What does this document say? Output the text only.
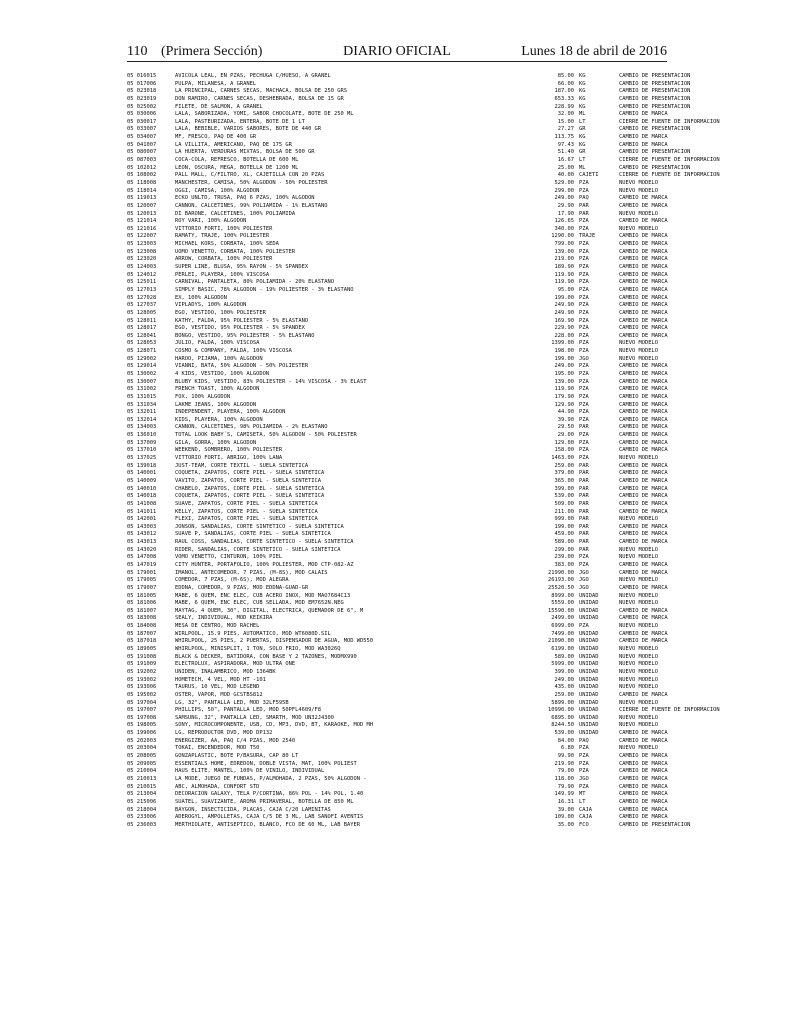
110 (Primera Sección)	DIARIO OFICIAL	Lunes 18 de abril de 2016
05 016015	AVICOLA LEAL, EN PZAS, PECHUGA C/HUESO, A GRANEL	85.00 KG	CAMBIO DE PRESENTACION
05 017006	PULPA, MILANESA, A GRANEL	66.00 KG	CAMBIO DE PRESENTACION
05 023018	LA PRINCIPAL, CARNES SECAS, MACHACA, BOLSA DE 250 GRS	187.00 KG	CAMBIO DE PRESENTACION
05 023019	DON RAMIRO, CARNES SECAS, DESHEBRADA, BOLSA DE 15 GR	653.33 KG	CAMBIO DE PRESENTACION
05 025002	FILETE, DE SALMON, A GRANEL	228.99 KG	CAMBIO DE PRESENTACION
05 030006	LALA, SABORIZADA, YOMI, SABOR CHOCOLATE, BOTE DE 250 ML	32.00 ML	CAMBIO DE MARCA
05 030017	LALA, PASTEURIZADA, ENTERA, BOTE DE 1 LT	15.00 LT	CIERRE DE FUENTE DE INFORMACION
05 033007	LALA, BEBIBLE, VARIOS SABORES, BOTE DE 440 GR	27.27 GR	CAMBIO DE PRESENTACION
05 034007	MF, FRESCO, PAQ DE 400 GR	113.75 KG	CAMBIO DE MARCA
05 041007	LA VILLITA, AMERICANO, PAQ DE 175 GR	97.43 KG	CAMBIO DE MARCA
05 080007	LA HUERTA, VERDURAS MIXTAS, BOLSA DE 500 GR	51.40 GR	CAMBIO DE PRESENTACION
05 087003	COCA-COLA, REFRESCO, BOTELLA DE 600 ML	16.67 LT	CIERRE DE FUENTE DE INFORMACION
05 102012	LEON, OSCURA, MEGA, BOTELLA DE 1200 ML	25.00 ML	CAMBIO DE PRESENTACION
05 108002	PALL MALL, C/FILTRO, XL, CAJETILLA CON 20 PZAS	40.00 CAJETI	CIERRE DE FUENTE DE INFORMACION
05 118008	MANCHESTER, CAMISA, 50% ALGODON - 50% POLIESTER	529.00 PZA	NUEVO MODELO
05 118014	OGGI, CAMISA, 100% ALGODON	299.00 PZA	NUEVO MODELO
05 119013	ECKO UNLTD, TRUSA, PAQ 6 PZAS, 100% ALGODON	249.00 PAQ	CAMBIO DE MARCA
05 120007	CANNON, CALCETINES, 99% POLIAMIDA - 1% ELASTANO	29.90 PAR	CAMBIO DE MARCA
05 120013	DI BARONE, CALCETINES, 100% POLIAMIDA	17.90 PAR	NUEVO MODELO
05 121014	ROY VARI, 100% ALGODON	126.65 PZA	CAMBIO DE MARCA
05 121016	VITTORIO FORTI, 100% POLIESTER	340.00 PZA	NUEVO MODELO
05 122007	RAMATY, TRAJE, 100% POLIESTER	1290.00 TRAJE	CAMBIO DE MARCA
05 123003	MICHAEL KORS, CORBATA, 100% SEDA	799.00 PZA	CAMBIO DE MARCA
05 123008	UOMO VENETTO, CORBATA, 100% POLIESTER	139.00 PZA	CAMBIO DE MARCA
05 123020	ARROW, CORBATA, 100% POLIESTER	219.00 PZA	CAMBIO DE MARCA
05 124003	SUPER LINE, BLUSA, 95% RAYON - 5% SPANDEX	189.90 PZA	CAMBIO DE MARCA
05 124012	PERLEI, PLAYERA, 100% VISCOSA	119.90 PZA	CAMBIO DE MARCA
05 125011	CARNIVAL, PANTALETA, 80% POLIAMIDA - 20% ELASTANO	119.90 PZA	CAMBIO DE MARCA
05 127013	SIMPLY BASIC, 78% ALGODON - 19% POLIESTER - 3% ELASTANO	95.00 PZA	CAMBIO DE MARCA
05 127028	EX, 100% ALGODON	199.00 PZA	CAMBIO DE MARCA
05 127037	VIPLADYS, 100% ALGODON	249.90 PZA	CAMBIO DE MARCA
05 128005	EGO, VESTIDO, 100% POLIESTER	249.90 PZA	CAMBIO DE MARCA
05 128011	KATHY, FALDA, 95% POLIESTER - 5% ELASTANO	169.90 PZA	CAMBIO DE MARCA
05 128017	EGO, VESTIDO, 95% POLIESTER - 5% SPANDEX	229.90 PZA	CAMBIO DE MARCA
05 128041	BONGO, VESTIDO, 95% POLIESTER - 5% ELASTANO	228.00 PZA	CAMBIO DE MARCA
05 128053	JULIO, FALDA, 100% VISCOSA	1399.00 PZA	NUEVO MODELO
05 128071	COSMO & COMPANY, FALDA, 100% VISCOSA	198.00 PZA	NUEVO MODELO
05 129002	HAROO, PIJAMA, 100% ALGODON	199.00 JGO	NUEVO MODELO
05 129014	VIANNI, BATA, 50% ALGODON - 50% POLIESTER	249.00 PZA	CAMBIO DE MARCA
05 130002	4 KIDS, VESTIDO, 100% ALGODON	195.00 PZA	CAMBIO DE MARCA
05 130007	BLUBY KIDS, VESTIDO, 83% POLIESTER - 14% VISCOSA - 3% ELAST	139.00 PZA	CAMBIO DE MARCA
05 131002	FRENCH TOAST, 100% ALGODON	119.90 PZA	CAMBIO DE MARCA
05 131015	FOX, 100% ALGODON	179.90 PZA	CAMBIO DE MARCA
05 131034	LAKME JEANS, 100% ALGODON	129.90 PZA	CAMBIO DE MARCA
05 132011	INDEPENDENT, PLAYERA, 100% ALGODON	44.90 PZA	CAMBIO DE MARCA
05 132014	KIDS, PLAYERA, 100% ALGODON	39.90 PZA	CAMBIO DE MARCA
05 134003	CANNON, CALCETINES, 98% POLIAMIDA - 2% ELASTANO	29.50 PAR	CAMBIO DE MARCA
05 136010	TOTAL LOOK BABY´S, CAMISETA, 50% ALGODON - 50% POLIESTER	29.00 PZA	CAMBIO DE MARCA
05 137009	GILA, GORRA, 100% ALGODON	129.00 PZA	CAMBIO DE MARCA
05 137010	WEEKEND, SOMBRERO, 100% POLIESTER	158.00 PZA	CAMBIO DE MARCA
05 137025	VITTORIO FORTI, ABRIGO, 100% LANA	1463.00 PZA	NUEVO MODELO
05 139018	JUST-TEAM, CORTE TEXTIL - SUELA SINTETICA	259.00 PAR	CAMBIO DE MARCA
05 140001	COQUETA, ZAPATOS, CORTE PIEL - SUELA SINTETICA	379.00 PAR	CAMBIO DE MARCA
05 140009	VAVITO, ZAPATOS, CORTE PIEL - SUELA SINTETICA	365.00 PAR	CAMBIO DE MARCA
05 140010	CHABELO, ZAPATOS, CORTE PIEL - SUELA SINTETICA	399.00 PAR	CAMBIO DE MARCA
05 140018	COQUETA, ZAPATOS, CORTE PIEL - SUELA SINTETICA	539.00 PAR	CAMBIO DE MARCA
05 141008	SUAVE, ZAPATOS, CORTE PIEL - SUELA SINTETICA	509.00 PAR	CAMBIO DE MARCA
05 141011	KELLY, ZAPATOS, CORTE PIEL - SUELA SINTETICA	211.00 PAR	CAMBIO DE MARCA
05 142001	FLEXI, ZAPATOS, CORTE PIEL - SUELA SINTETICA	999.00 PAR	NUEVO MODELO
05 143003	JONSON, SANDALIAS, CORTE SINTETICO - SUELA SINTETICA	199.00 PAR	CAMBIO DE MARCA
05 143012	SUAVE P, SANDALIAS, CORTE PIEL - SUELA SINTETICA	459.00 PAR	CAMBIO DE MARCA
05 143013	RAUL COSS, SANDALIAS, CORTE SINTETICO - SUELA SINTETICA	589.00 PAR	CAMBIO DE MARCA
05 143020	RIDER, SANDALIAS, CORTE SINTETICO - SUELA SINTETICA	299.00 PAR	NUEVO MODELO
05 147008	VOMO VENETTO, CINTURON, 100% PIEL	239.00 PZA	NUEVO MODELO
05 147019	CITY HUNTER, PORTAFOLIO, 100% POLIESTER, MOD CTP-082-AZ	383.00 PZA	CAMBIO DE MARCA
05 179001	IMANOL, ANTECOMEDOR, 7 PZAS, (M-8S), MOD CALAIS	21990.00 JGO	CAMBIO DE MARCA
05 179005	COMEDOR, 7 PZAS, (M-6S), MOD ALEGRA	26193.00 JGO	NUEVO MODELO
05 179007	EDDNA, COMEDOR, 9 PZAS, MOD EDDNA-GUAD-GR	25520.50 JGO	CAMBIO DE MARCA
05 181005	MABE, 6 QUEM, ENC ELEC, CUB ACERO INOX, MOD MAO7684C13	8999.00 UNIDAD	NUEVO MODELO
05 181006	MABE, 6 QUEM, ENC ELEC, CUB SELLADA, MOD EM7652N.NEG	5559.00 UNIDAD	NUEVO MODELO
05 181007	MAYTAG, 4 QUEM, 30", DIGITAL, ELECTRICA, QUEMADOR DE 6", M	15590.00 UNIDAD	CAMBIO DE MARCA
05 183008	SEALY, INDIVIDUAL, MOD KEIKIRA	2499.00 UNIDAD	CAMBIO DE MARCA
05 184008	MESA DE CENTRO, MOD RACHEL	6999.00 PZA	NUEVO MODELO
05 187007	WIRLPOOL, 15.9 PIES, AUTOMATICO, MOD WT6080D.SIL	7499.00 UNIDAD	CAMBIO DE MARCA
05 187018	WHIRLPOOL, 25 PIES, 2 PUERTAS, DISPENSADOR DE AGUA, MOD WD550	21090.00 UNIDAD	CAMBIO DE MARCA
05 189005	WHIRLPOOL, MINISPLIT, 1 TON, SOLO FRIO, MOD WA3026Q	6199.00 UNIDAD	NUEVO MODELO
05 191008	BLACK & DECKER, BATIDORA, CON BASE Y 2 TAZONES, MODMX990	589.00 UNIDAD	NUEVO MODELO
05 191009	ELECTROLUX, ASPIRADORA, MOD ULTRA ONE	5999.00 UNIDAD	NUEVO MODELO
05 192002	UNIDEN, INALAMBRICO, MOD 1364BK	399.00 UNIDAD	NUEVO MODELO
05 193002	HOMETECH, 4 VEL, MOD HT -101	249.00 UNIDAD	NUEVO MODELO
05 193006	TAURUS, 10 VEL, MOD LEGEND	435.00 UNIDAD	NUEVO MODELO
05 195002	OSTER, VAPOR, MOD GCSTBS812	259.00 UNIDAD	CAMBIO DE MARCA
05 197004	LG, 32", PANTALLA LED, MOD 32LF595B	5899.00 UNIDAD	NUEVO MODELO
05 197007	PHILLIPS, 50", PANTALLA LED, MOD 50PFL4609/F8	10990.00 UNIDAD	CIERRE DE FUENTE DE INFORMACION
05 197008	SAMSUNG, 32", PANTALLA LED, SMARTH, MOD UN32J4300	6895.00 UNIDAD	NUEVO MODELO
05 198005	SONY, MICROCOMPONENTE, USB, CD, MP3, DVD, BT, KARAOKE, MOD MH	8244.50 UNIDAD	NUEVO MODELO
05 199006	LG, REPRODUCTOR DVD, MOD DP132	539.00 UNIDAD	CAMBIO DE MARCA
05 202003	ENERGIZER, AA, PAQ C/4 PZAS, MOD 2540	84.00 PAQ	CAMBIO DE MARCA
05 203004	TOKAI, ENCENDEDOR, MOD T50	6.80 PZA	NUEVO MODELO
05 208005	GONZAPLASTIC, BOTE P/BASURA, CAP 80 LT	99.90 PZA	CAMBIO DE MARCA
05 209005	ESSENTIALS HOME, EDREDON, DOBLE VISTA, MAT, 100% POLIEST	219.90 PZA	CAMBIO DE MARCA
05 210004	HAUS ELITE, MANTEL, 100% DE VINILO, INDIVIDUAL	79.00 PZA	CAMBIO DE MARCA
05 210013	LA MODE, JUEGO DE FUNDAS, P/ALMOHADA, 2 PZAS, 50% ALGODON -	118.00 JGO	CAMBIO DE MARCA
05 210015	ABC, ALMOHADA, CONFORT STD	79.90 PZA	CAMBIO DE MARCA
05 213004	DECORACION GALAXY, TELA P/CORTINA, 86% POL - 14% POL, 1.40	149.99 MT	CAMBIO DE MARCA
05 215006	SUATEL, SUAVIZANTE, AROMA PRIMAVERAL, BOTELLA DE 850 ML	16.31 LT	CAMBIO DE MARCA
05 218004	BAYGON, INSECTICIDA, PLACAS, CAJA C/20 LAMINITAS	39.00 CAJA	CAMBIO DE MARCA
05 233006	ADEROGYL, AMPOLLETAS, CAJA C/5 DE 3 ML, LAB SANOFI AVENTIS	109.00 CAJA	CAMBIO DE MARCA
05 236003	MERTHIOLATE, ANTISEPTICO, BLANCO, FCO DE 60 ML, LAB BAYER	35.00 FCO	CAMBIO DE PRESENTACION
